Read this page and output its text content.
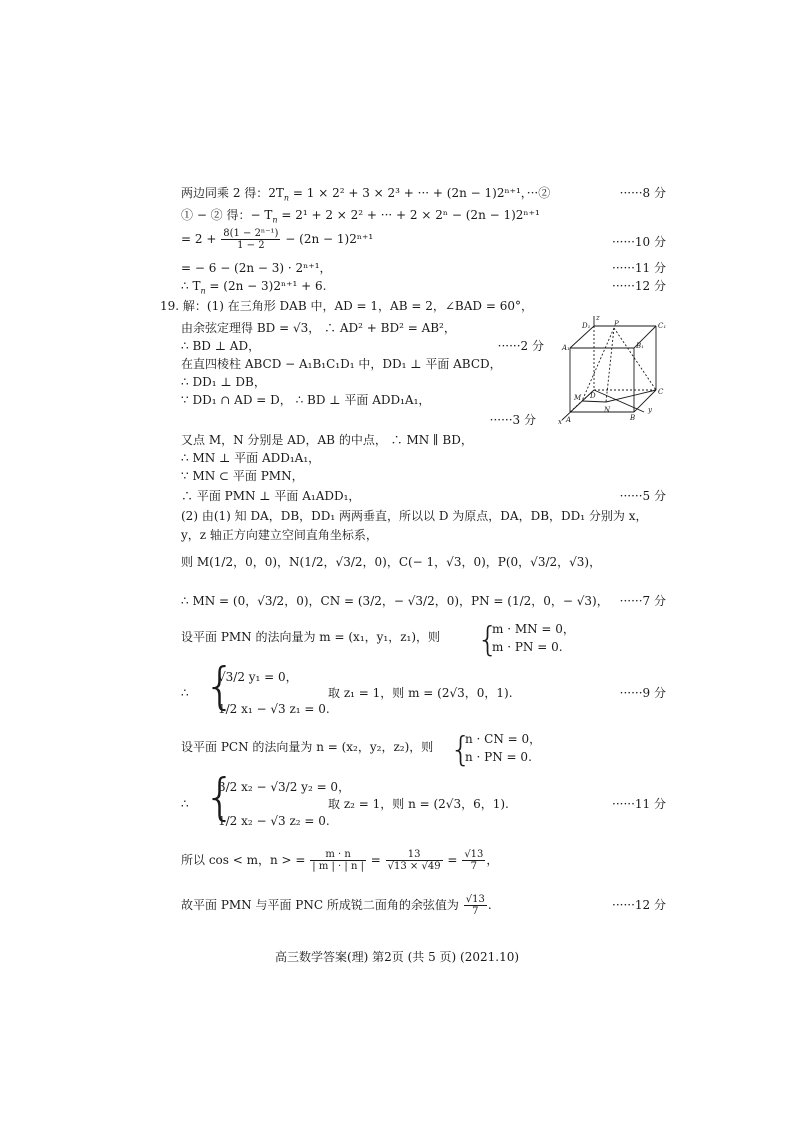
两边同乘 2 得：$2T_n = 1 \times 2^2 + 3 \times 2^3$ + ··· + (2n − 1)2ⁿ⁺¹，···②	······8 分
① − ② 得：− $T_n = 2^1 + 2 \times 2^2$ + ··· + 2 × 2ⁿ − (2n − 1)2ⁿ⁺¹
= $2 + \frac{\text{8(1 − 2ⁿ⁻¹)}}{1 - 2} - (2n - 1)2^{n+1}$	······10 分
= − 6 − (2n − 3) · 2ⁿ⁺¹，	······11 分
∴ $T_n = (2n - 3)2^{n+1} + 6$.	······12 分
19. 解：(1) 在三角形 DAB 中，AD = 1，AB = 2，∠BAD = 60°，
由余弦定理得 BD = √3， ∴ AD² + BD² = AB²，
∴ BD ⊥ AD，	······2 分
在直四棱柱 ABCD − A₁B₁C₁D₁ 中，DD₁ ⊥ 平面 ABCD，
∴ DD₁ ⊥ DB，
∵ DD₁ ∩ AD = D， ∴ BD ⊥ 平面 ADD₁A₁，
······3 分
D₁
A₁	B₁
C₁
A	B
C
D
M
N
P
x
y
z
又点 M，N 分别是 AD，AB 的中点， ∴ MN ∥ BD，
∴ MN ⊥ 平面 ADD₁A₁，
∵ MN ⊂ 平面 PMN，
∴ 平面 PMN ⊥ 平面 A₁ADD₁，	······5 分
(2) 由(1) 知 DA，DB，DD₁ 两两垂直，所以以 D 为原点，DA，DB，DD₁ 分别为 x，
y，z 轴正方向建立空间直角坐标系，
则 M(1/2，0，0)，N(1/2，√3/2，0)，C(− 1，√3，0)，P(0，√3/2，√3)，
∴ MN = (0，√3/2，0)，CN = (3/2，− √3/2，0)，PN = (1/2，0，− √3)， ······7 分
设平面 PMN 的法向量为 m = (x₁，y₁，z₁)，则 {
m · MN = 0，
m · PN = 0.
∴ {
√3/2 y₁ = 0，
1/2 x₁ − √3 z₁ = 0.
取 z₁ = 1，则 m = (2√3，0，1).	······9 分
设平面 PCN 的法向量为 n = (x₂，y₂，z₂)，则 {
n · CN = 0，
n · PN = 0.
∴ {
3/2 x₂ − √3/2 y₂ = 0，
1/2 x₂ − √3 z₂ = 0.
取 z₂ = 1，则 n = (2√3，6，1).	······11 分
所以 cos < m，n > = $\frac{m \cdot n}{| m | \cdot | n |} = \frac{13}{√13 \times √49} = \frac{√13}{7}$ ，
故平面 PMN 与平面 PNC 所成锐二面角的余弦值为 $\frac{√13}{7}$ .	······12 分
高三数学答案(理) 第2页 (共 5 页) (2021.10)
